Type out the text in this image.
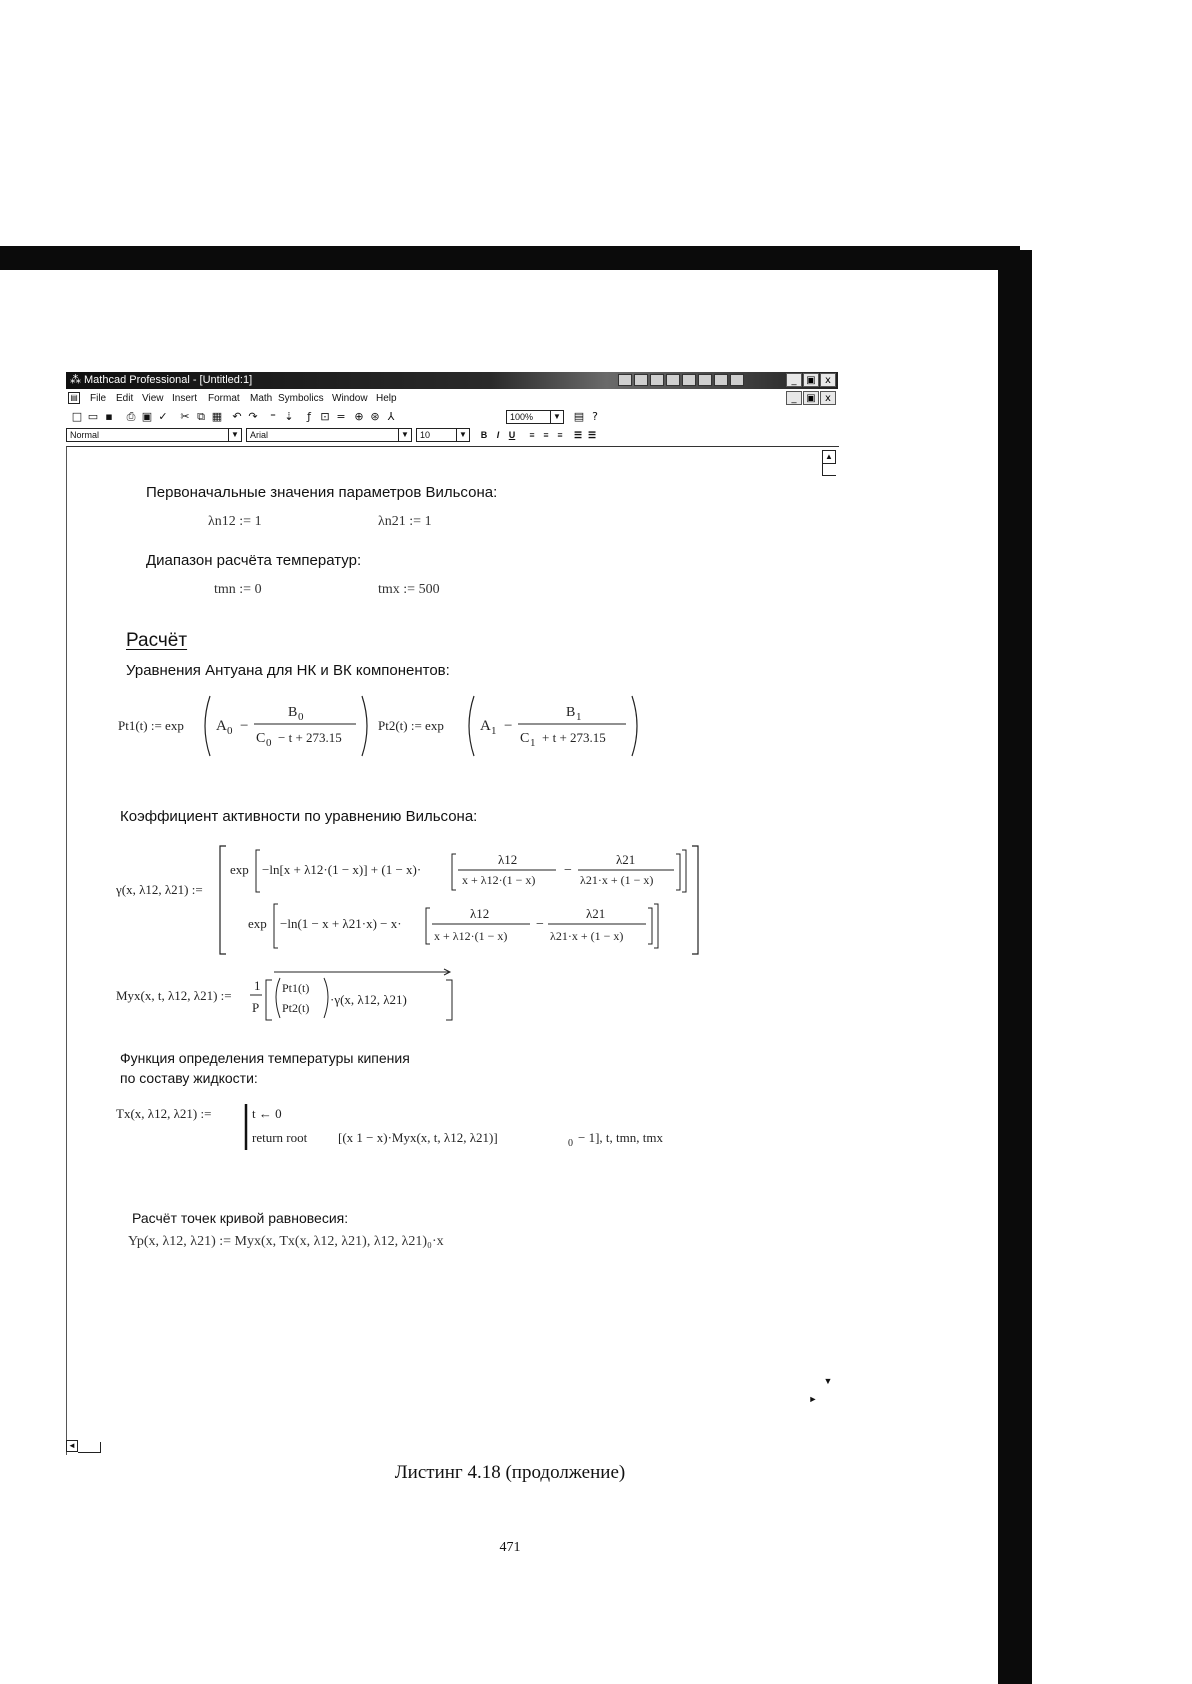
⁂ Mathcad Professional - [Untitled:1]	_ ▣ x
▤ File Edit View Insert Format Math Symbolics Window Help	_ ▣ x
□ ▭ ▪ ⎙ ▣ ✓ ✂ ⧉ ▦ ↶ ↷	⁼ ⇣	ƒ ⊡ = ⊕ ⊛ ⅄	▤ ?
100%	▼
Normal	▼	Arial	▼	10	▼	B	I	U	≡ ≡ ≡	☰ ☰
▲
◄
▼
►
Первоначальные значения параметров Вильсона:
λn12 := 1	λn21 := 1
Диапазон расчёта температур:
tmn := 0	tmx := 500
Расчёт
Уравнения Антуана для НК и ВК компонентов:
Pt1(t) := exp A 0 −
B 0
C 0 − t + 273.15
Pt2(t) := exp A 1 −
B 1
C 1 + t + 273.15
Коэффициент активности по уравнению Вильсона:
γ(x, λ12, λ21) :=
exp −ln[x + λ12·(1 − x)] + (1 − x)·
λ12
x + λ12·(1 − x)
−
λ21
λ21·x + (1 − x)
exp −ln(1 − x + λ21·x) − x·
λ12
x + λ12·(1 − x)
−
λ21
λ21·x + (1 − x)
Myx(x, t, λ12, λ21) :=
1
P
Pt1(t)
Pt2(t)
·γ(x, λ12, λ21)
Функция определения температуры кипения
по составу жидкости:
Tx(x, λ12, λ21) :=	t ← 0
return root [(x 1 − x)·Myx(x, t, λ12, λ21)]	0 − 1], t, tmn, tmx
Расчёт точек кривой равновесия:
Yp(x, λ12, λ21) := Myx(x, Tx(x, λ12, λ21), λ12, λ21)₀·x
Листинг 4.18 (продолжение)
471
